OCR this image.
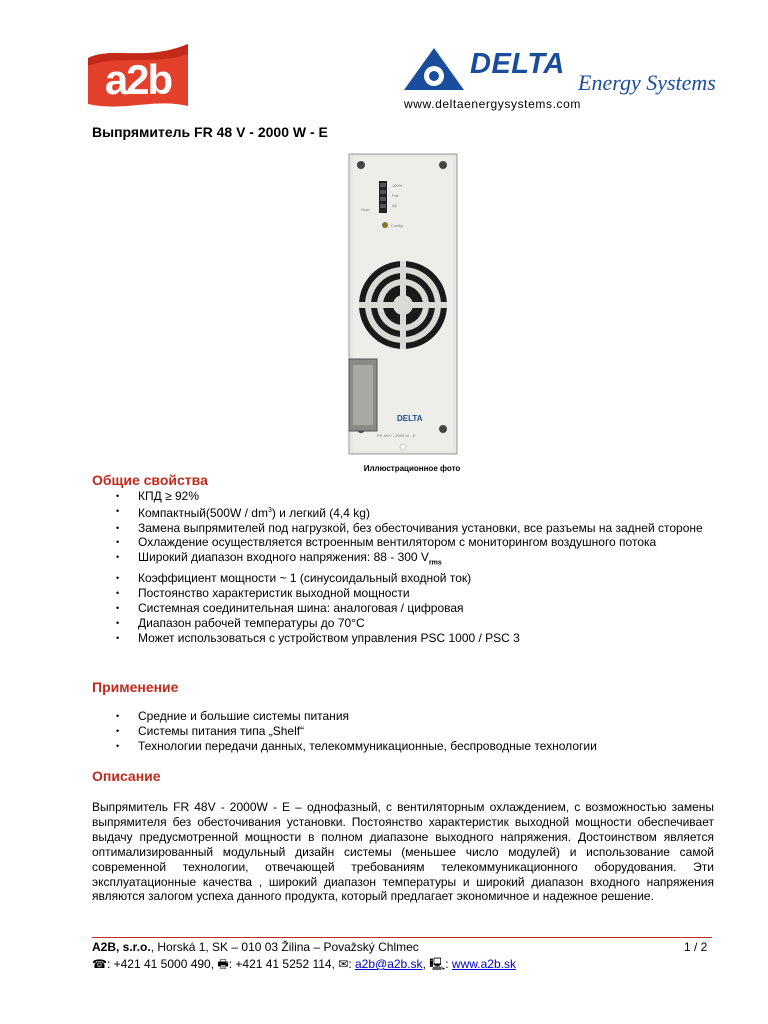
a2b	DELTA
Energy Systems
www.deltaenergysystems.com
Выпрямитель FR 48 V - 2000 W - E
100%
Fail
Alt
Com
Config
DELTA
FR 48 V - 2000 W - E
Иллюстрационное фото
Общие свойства
• КПД ≥ 92%
• Компактный(500W / $dm^3$) и легкий (4,4 kg)
• Замена выпрямителей под нагрузкой, без обесточивания установки, все разъемы на задней стороне
• Охлаждение осуществляется встроенным вентилятором с мониторингом воздушного потока
• Широкий диапазон входного напряжения: 88 - 300 $V_{rms}$
• Коэффициент мощности ~ 1 (синусоидальный входной ток)
• Постоянство характеристик выходной мощности
• Системная соединительная шина: аналоговая / цифровая
• Диапазон рабочей температуры до 70°C
• Может использоваться с устройством управления PSC 1000 / PSC 3
Применение
• Средние и большие системы питания
• Системы питания типа „Shelf“
• Технологии передачи данных, телекоммуникационные, беспроводные технологии
Описание
Выпрямитель FR 48V - 2000W - E – однофазный, с вентиляторным охлаждением, с возможностью замены выпрямителя без обесточивания установки. Постоянство характеристик выходной мощности обеспечивает выдачу предусмотренной мощности в полном диапазоне выходного напряжения. Достоинством является оптимализированный модульный дизайн системы (меньшее число модулей) и использование самой современной технологии, отвечающей требованиям телекоммуникационного оборудования. Эти эксплуатационные качества , широкий диапазон температуры и широкий диапазон входного напряжения являются залогом успеха данного продукта, который предлагает экономичное и надежное решение.
A2B, s.r.o., Horská 1, SK – 010 03 Žilina – Považský Chlmec	1 / 2
☎: +421 41 5000 490, 🖶: +421 41 5252 114, ✉: a2b@a2b.sk, 🖳: www.a2b.sk
